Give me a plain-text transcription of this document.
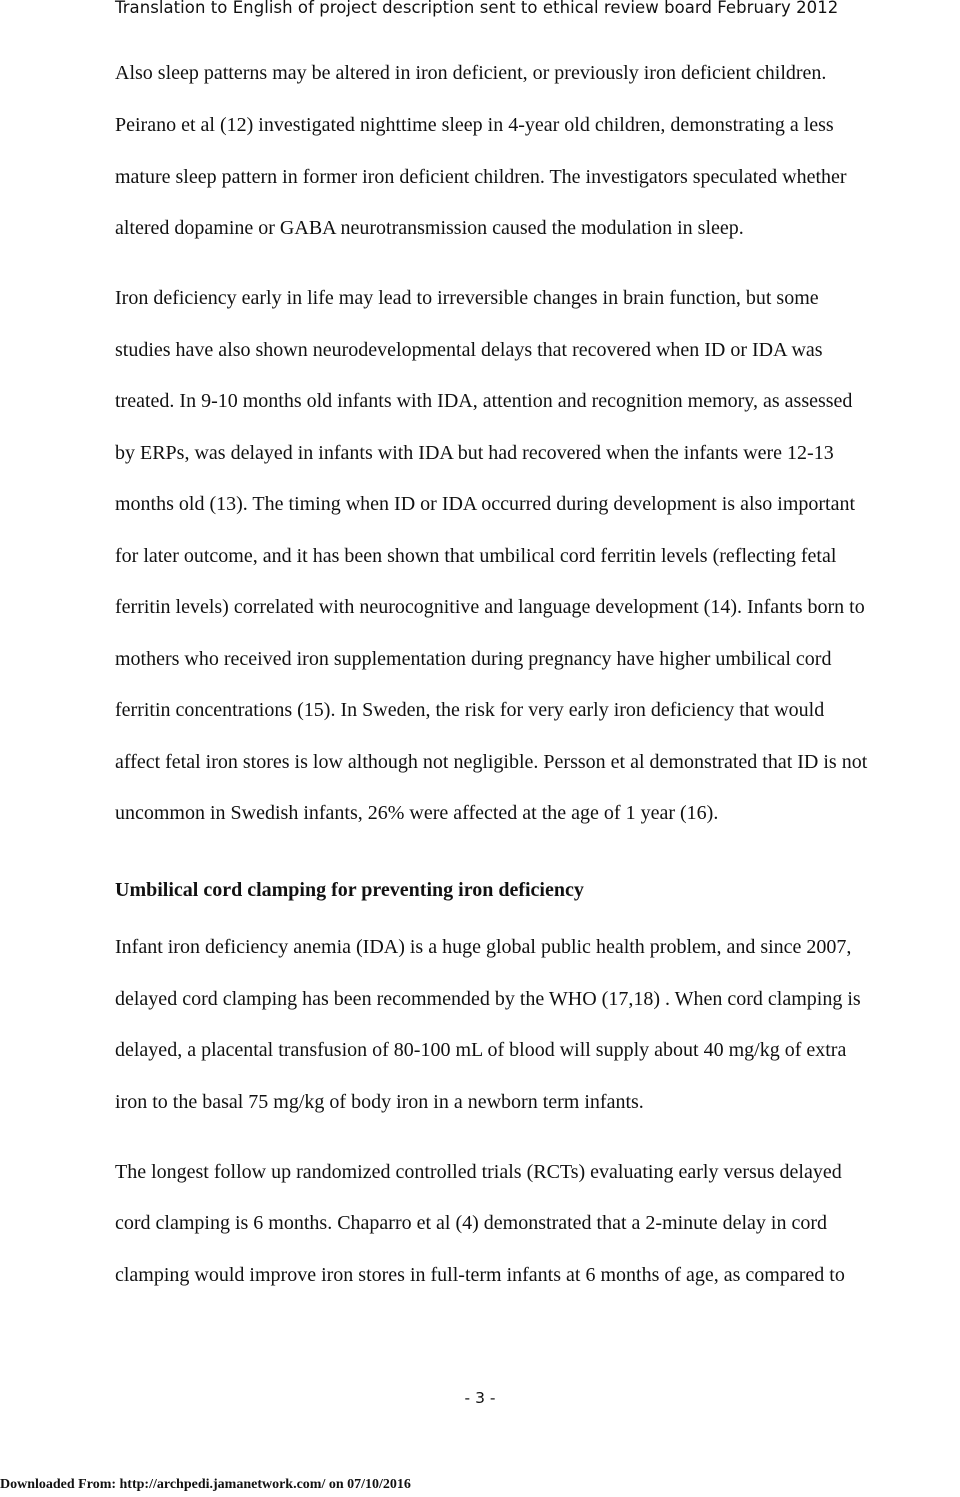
Translation to English of project description sent to ethical review board February 2012
Also sleep patterns may be altered in iron deficient, or previously iron deficient children.
Peirano et al (12) investigated nighttime sleep in 4-year old children, demonstrating a less
mature sleep pattern in former iron deficient children. The investigators speculated whether
altered dopamine or GABA neurotransmission caused the modulation in sleep.
Iron deficiency early in life may lead to irreversible changes in brain function, but some
studies have also shown neurodevelopmental delays that recovered when ID or IDA was
treated. In 9-10 months old infants with IDA, attention and recognition memory, as assessed
by ERPs, was delayed in infants with IDA but had recovered when the infants were 12-13
months old (13). The timing when ID or IDA occurred during development is also important
for later outcome, and it has been shown that umbilical cord ferritin levels (reflecting fetal
ferritin levels) correlated with neurocognitive and language development (14). Infants born to
mothers who received iron supplementation during pregnancy have higher umbilical cord
ferritin concentrations (15). In Sweden, the risk for very early iron deficiency that would
affect fetal iron stores is low although not negligible. Persson et al demonstrated that ID is not
uncommon in Swedish infants, 26% were affected at the age of 1 year (16).
Umbilical cord clamping for preventing iron deficiency
Infant iron deficiency anemia (IDA) is a huge global public health problem, and since 2007,
delayed cord clamping has been recommended by the WHO (17,18) . When cord clamping is
delayed, a placental transfusion of 80-100 mL of blood will supply about 40 mg/kg of extra
iron to the basal 75 mg/kg of body iron in a newborn term infants.
The longest follow up randomized controlled trials (RCTs) evaluating early versus delayed
cord clamping is 6 months. Chaparro et al (4) demonstrated that a 2-minute delay in cord
clamping would improve iron stores in full-term infants at 6 months of age, as compared to
- 3 -
Downloaded From: http://archpedi.jamanetwork.com/ on 07/10/2016
